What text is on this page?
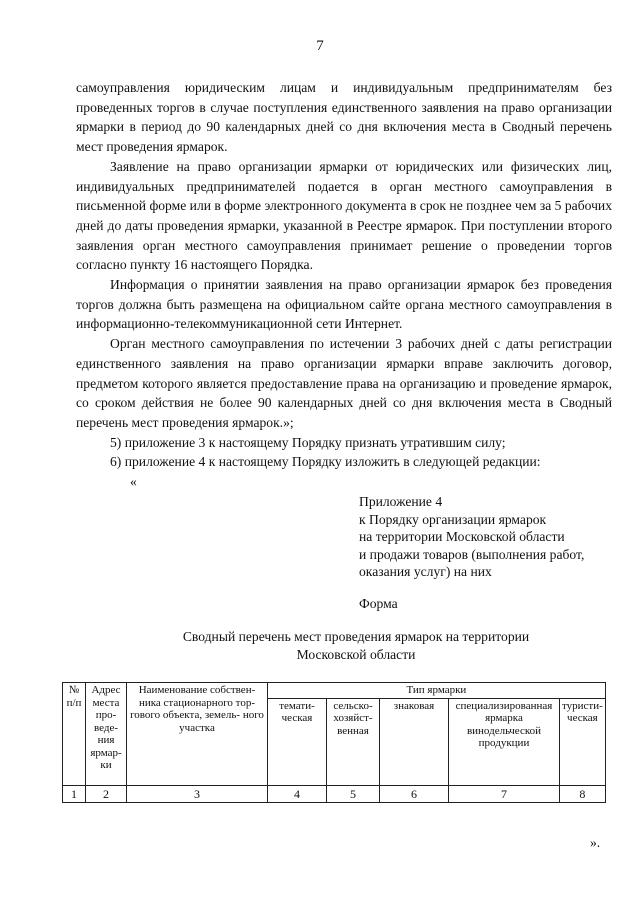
7

самоуправления юридическим лицам и индивидуальным предпринимателям без проведенных торгов в случае поступления единственного заявления на право организации ярмарки в период до 90 календарных дней со дня включения места в Сводный перечень мест проведения ярмарок.

Заявление на право организации ярмарки от юридических или физических лиц, индивидуальных предпринимателей подается в орган местного самоуправления в письменной форме или в форме электронного документа в срок не позднее чем за 5 рабочих дней до даты проведения ярмарки, указанной в Реестре ярмарок. При поступлении второго заявления орган местного самоуправления принимает решение о проведении торгов согласно пункту 16 настоящего Порядка.

Информация о принятии заявления на право организации ярмарок без проведения торгов должна быть размещена на официальном сайте органа местного самоуправления в информационно-телекоммуникационной сети Интернет.

Орган местного самоуправления по истечении 3 рабочих дней с даты регистрации единственного заявления на право организации ярмарки вправе заключить договор, предметом которого является предоставление права на организацию и проведение ярмарок, со сроком действия не более 90 календарных дней со дня включения места в Сводный перечень мест проведения ярмарок.»;

5) приложение 3 к настоящему Порядку признать утратившим силу;

6) приложение 4 к настоящему Порядку изложить в следующей редакции:

«

Приложение 4
к Порядку организации ярмарок
на территории Московской области
и продажи товаров (выполнения работ,
оказания услуг) на них
Форма
Сводный перечень мест проведения ярмарок на территории
Московской области
№ п/п	Адрес места про- веде- ния ярмар- ки	Наименование собствен- ника стационарного тор- гового объекта, земель- ного участка	Тип ярмарки				
			темати- ческая	сельско- хозяйст- венная	знаковая	специализированная ярмарка винодельческой продукции	туристи- ческая
1	2	3	4	5	6	7	8
».
